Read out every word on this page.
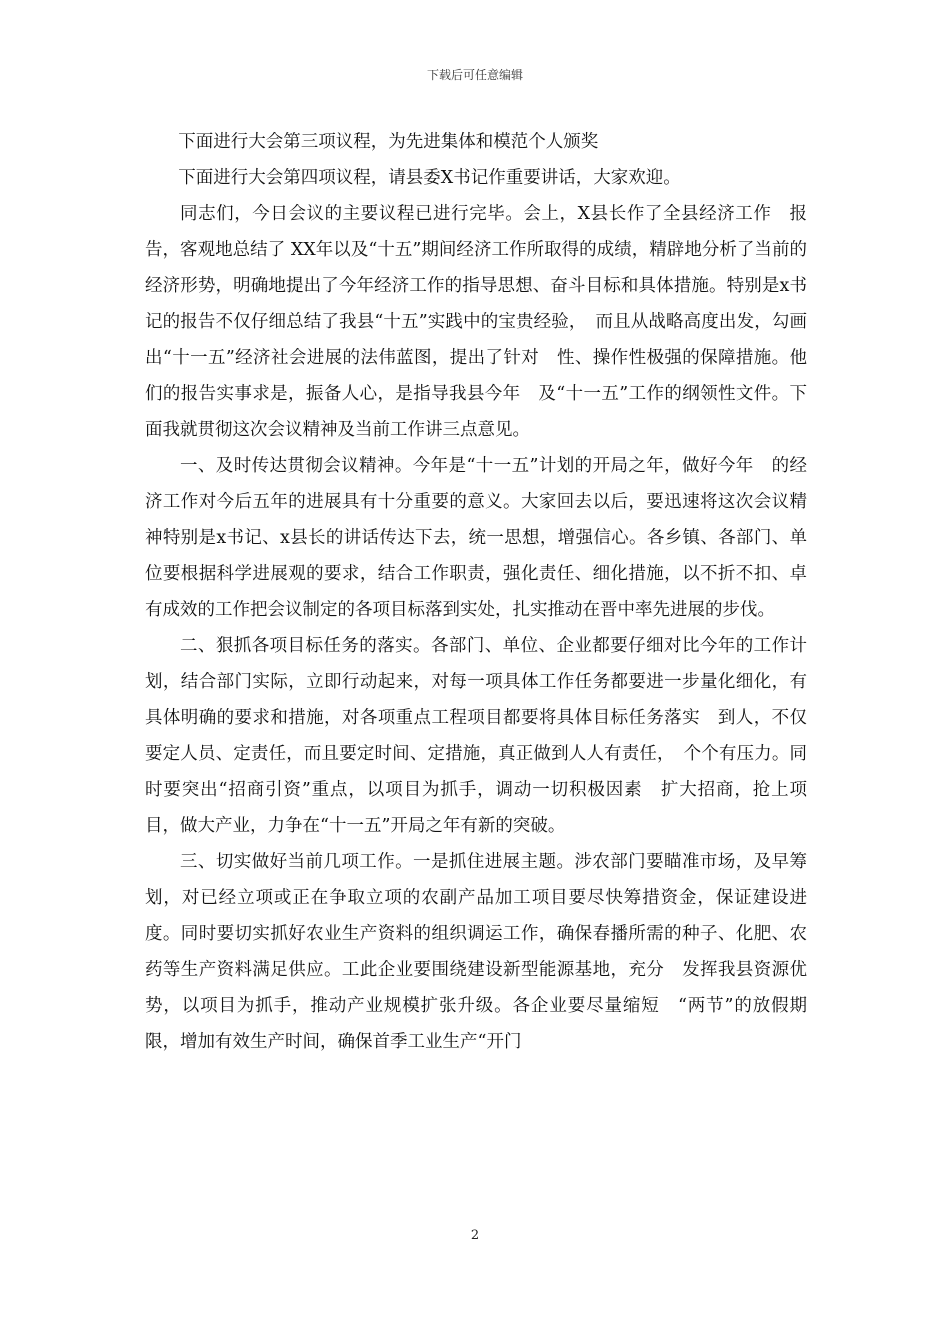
下载后可任意编辑

下面进行大会第三项议程，为先进集体和模范个人颁奖

下面进行大会第四项议程，请县委X书记作重要讲话，大家欢迎。

同志们，今日会议的主要议程已进行完毕。会上，X县长作了全县经济工作　报告，客观地总结了 XX年以及“十五”期间经济工作所取得的成绩，精辟地分析了当前的经济形势，明确地提出了今年经济工作的指导思想、奋斗目标和具体措施。特别是x书记的报告不仅仔细总结了我县“十五”实践中的宝贵经验，　而且从战略高度出发，勾画出“十一五”经济社会进展的法伟蓝图，提出了针对　性、操作性极强的保障措施。他们的报告实事求是，振备人心，是指导我县今年　及“十一五”工作的纲领性文件。下面我就贯彻这次会议精神及当前工作讲三点意见。

一、及时传达贯彻会议精神。今年是“十一五”计划的开局之年，做好今年　的经济工作对今后五年的进展具有十分重要的意义。大家回去以后，要迅速将这次会议精神特别是x书记、x县长的讲话传达下去，统一思想，增强信心。各乡镇、各部门、单位要根据科学进展观的要求，结合工作职责，强化责任、细化措施，以不折不扣、卓有成效的工作把会议制定的各项目标落到实处，扎实推动在晋中率先进展的步伐。

二、狠抓各项目标任务的落实。各部门、单位、企业都要仔细对比今年的工作计划，结合部门实际，立即行动起来，对每一项具体工作任务都要进一步量化细化，有具体明确的要求和措施，对各项重点工程项目都要将具体目标任务落实　到人，不仅要定人员、定责任，而且要定时间、定措施，真正做到人人有责任，　个个有压力。同时要突出“招商引资”重点，以项目为抓手，调动一切积极因素　扩大招商，抢上项目，做大产业，力争在“十一五”开局之年有新的突破。

三、切实做好当前几项工作。一是抓住进展主题。涉农部门要瞄准市场，及早筹划，对已经立项或正在争取立项的农副产品加工项目要尽快筹措资金，保证建设进度。同时要切实抓好农业生产资料的组织调运工作，确保春播所需的种子、化肥、农药等生产资料满足供应。工此企业要围绕建设新型能源基地，充分　发挥我县资源优势，以项目为抓手，推动产业规模扩张升级。各企业要尽量缩短　“两节”的放假期限，增加有效生产时间，确保首季工业生产“开门

2
